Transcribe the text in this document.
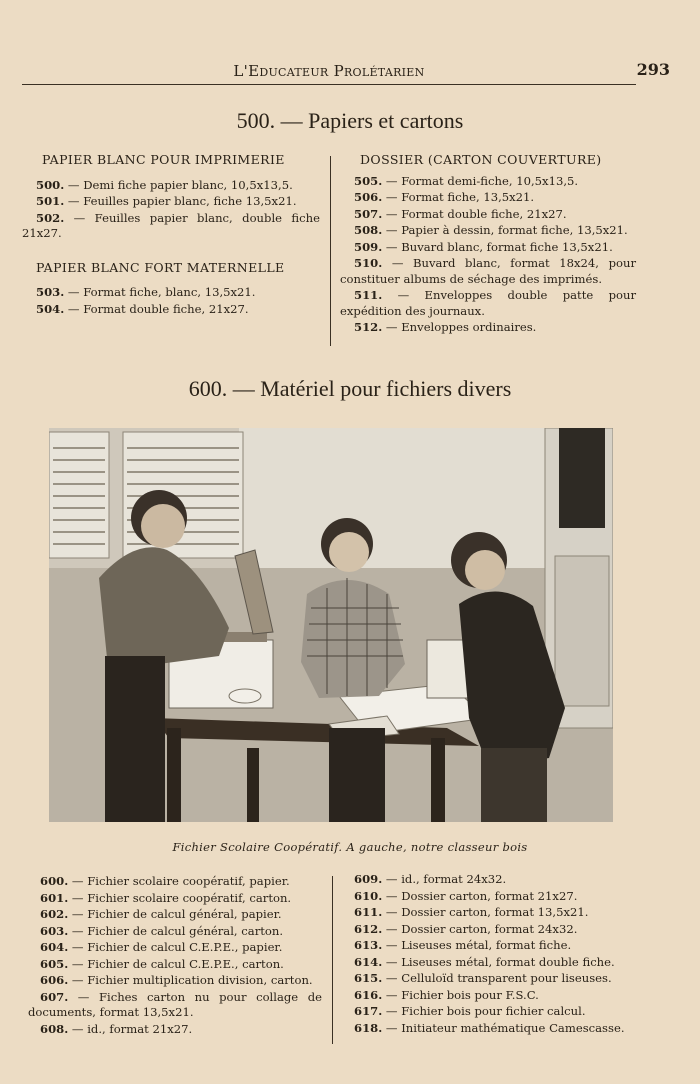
L'Educateur Prolétarien	293
500. — Papiers et cartons
PAPIER BLANC POUR IMPRIMERIE
500. — Demi fiche papier blanc, 10,5x13,5.
501. — Feuilles papier blanc, fiche 13,5x21.
502. — Feuilles papier blanc, double fiche 21x27.
PAPIER BLANC FORT MATERNELLE
503. — Format fiche, blanc, 13,5x21.
504. — Format double fiche, 21x27.
DOSSIER (CARTON COUVERTURE)
505. — Format demi-fiche, 10,5x13,5.
506. — Format fiche, 13,5x21.
507. — Format double fiche, 21x27.
508. — Papier à dessin, format fiche, 13,5x21.
509. — Buvard blanc, format fiche 13,5x21.
510. — Buvard blanc, format 18x24, pour constituer albums de séchage des imprimés.
511. — Enveloppes double patte pour expédition des journaux.
512. — Enveloppes ordinaires.
600. — Matériel pour fichiers divers
Fichier Scolaire Coopératif. A gauche, notre classeur bois
600. — Fichier scolaire coopératif, papier.
601. — Fichier scolaire coopératif, carton.
602. — Fichier de calcul général, papier.
603. — Fichier de calcul général, carton.
604. — Fichier de calcul C.E.P.E., papier.
605. — Fichier de calcul C.E.P.E., carton.
606. — Fichier multiplication division, carton.
607. — Fiches carton nu pour collage de documents, format 13,5x21.
608. — id., format 21x27.
609. — id., format 24x32.
610. — Dossier carton, format 21x27.
611. — Dossier carton, format 13,5x21.
612. — Dossier carton, format 24x32.
613. — Liseuses métal, format fiche.
614. — Liseuses métal, format double fiche.
615. — Celluloïd transparent pour liseuses.
616. — Fichier bois pour F.S.C.
617. — Fichier bois pour fichier calcul.
618. — Initiateur mathématique Camescasse.
